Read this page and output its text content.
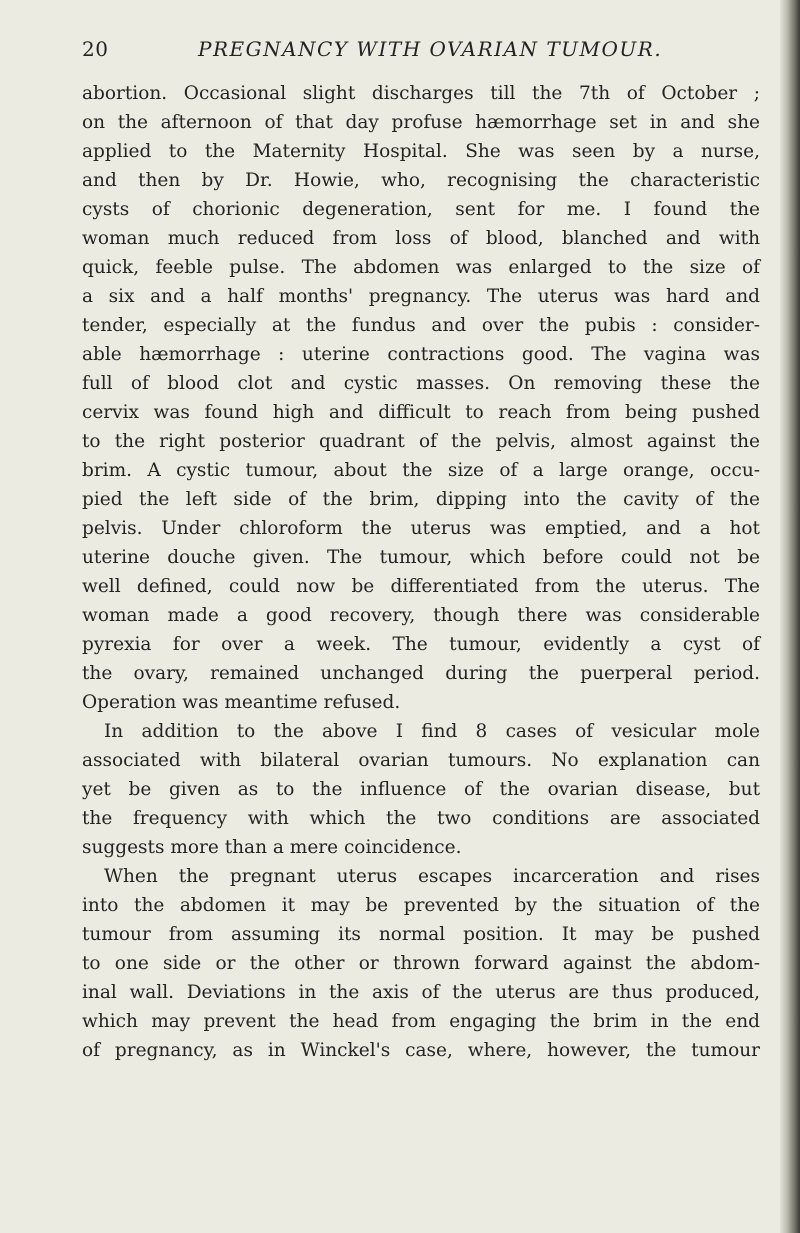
20	PREGNANCY WITH OVARIAN TUMOUR.
abortion. Occasional slight discharges till the 7th of October ;
on the afternoon of that day profuse hæmorrhage set in and she
applied to the Maternity Hospital. She was seen by a nurse,
and then by Dr. Howie, who, recognising the characteristic
cysts of chorionic degeneration, sent for me. I found the
woman much reduced from loss of blood, blanched and with
quick, feeble pulse. The abdomen was enlarged to the size of
a six and a half months' pregnancy. The uterus was hard and
tender, especially at the fundus and over the pubis : consider-
able hæmorrhage : uterine contractions good. The vagina was
full of blood clot and cystic masses. On removing these the
cervix was found high and difficult to reach from being pushed
to the right posterior quadrant of the pelvis, almost against the
brim. A cystic tumour, about the size of a large orange, occu-
pied the left side of the brim, dipping into the cavity of the
pelvis. Under chloroform the uterus was emptied, and a hot
uterine douche given. The tumour, which before could not be
well defined, could now be differentiated from the uterus. The
woman made a good recovery, though there was considerable
pyrexia for over a week. The tumour, evidently a cyst of
the ovary, remained unchanged during the puerperal period.
Operation was meantime refused.
In addition to the above I find 8 cases of vesicular mole
associated with bilateral ovarian tumours. No explanation can
yet be given as to the influence of the ovarian disease, but
the frequency with which the two conditions are associated
suggests more than a mere coincidence.
When the pregnant uterus escapes incarceration and rises
into the abdomen it may be prevented by the situation of the
tumour from assuming its normal position. It may be pushed
to one side or the other or thrown forward against the abdom-
inal wall. Deviations in the axis of the uterus are thus produced,
which may prevent the head from engaging the brim in the end
of pregnancy, as in Winckel's case, where, however, the tumour
